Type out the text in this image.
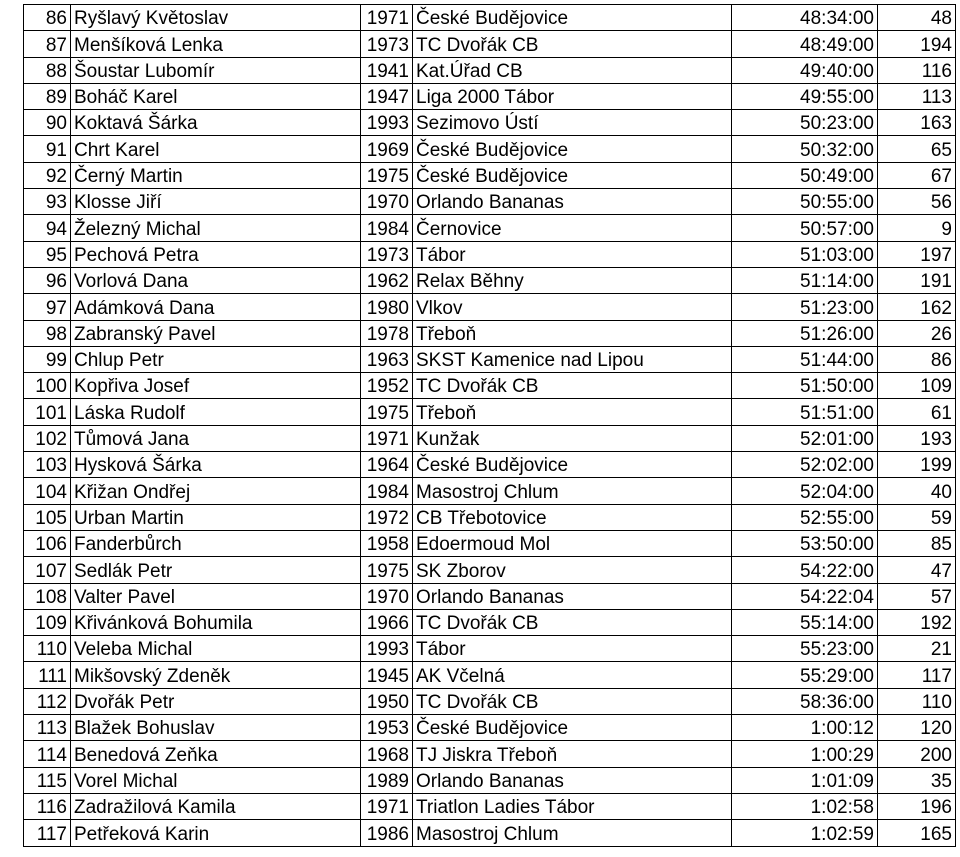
86	Ryšlavý Květoslav	1971	České Budějovice	48:34:00	48
87	Menšíková Lenka	1973	TC Dvořák CB	48:49:00	194
88	Šoustar Lubomír	1941	Kat.Úřad CB	49:40:00	116
89	Boháč Karel	1947	Liga 2000 Tábor	49:55:00	113
90	Koktavá Šárka	1993	Sezimovo Ústí	50:23:00	163
91	Chrt Karel	1969	České Budějovice	50:32:00	65
92	Černý Martin	1975	České Budějovice	50:49:00	67
93	Klosse Jiří	1970	Orlando Bananas	50:55:00	56
94	Železný Michal	1984	Černovice	50:57:00	9
95	Pechová Petra	1973	Tábor	51:03:00	197
96	Vorlová Dana	1962	Relax Běhny	51:14:00	191
97	Adámková Dana	1980	Vlkov	51:23:00	162
98	Zabranský Pavel	1978	Třeboň	51:26:00	26
99	Chlup Petr	1963	SKST Kamenice nad Lipou	51:44:00	86
100	Kopřiva Josef	1952	TC Dvořák CB	51:50:00	109
101	Láska Rudolf	1975	Třeboň	51:51:00	61
102	Tůmová Jana	1971	Kunžak	52:01:00	193
103	Hysková Šárka	1964	České Budějovice	52:02:00	199
104	Křižan Ondřej	1984	Masostroj Chlum	52:04:00	40
105	Urban Martin	1972	CB Třebotovice	52:55:00	59
106	Fanderbůrch	1958	Edoermoud Mol	53:50:00	85
107	Sedlák Petr	1975	SK Zborov	54:22:00	47
108	Valter Pavel	1970	Orlando Bananas	54:22:04	57
109	Křivánková Bohumila	1966	TC Dvořák CB	55:14:00	192
110	Veleba Michal	1993	Tábor	55:23:00	21
111	Mikšovský Zdeněk	1945	AK Včelná	55:29:00	117
112	Dvořák Petr	1950	TC Dvořák CB	58:36:00	110
113	Blažek Bohuslav	1953	České Budějovice	1:00:12	120
114	Benedová Zeňka	1968	TJ Jiskra Třeboň	1:00:29	200
115	Vorel Michal	1989	Orlando Bananas	1:01:09	35
116	Zadražilová Kamila	1971	Triatlon Ladies Tábor	1:02:58	196
117	Petřeková Karin	1986	Masostroj Chlum	1:02:59	165
